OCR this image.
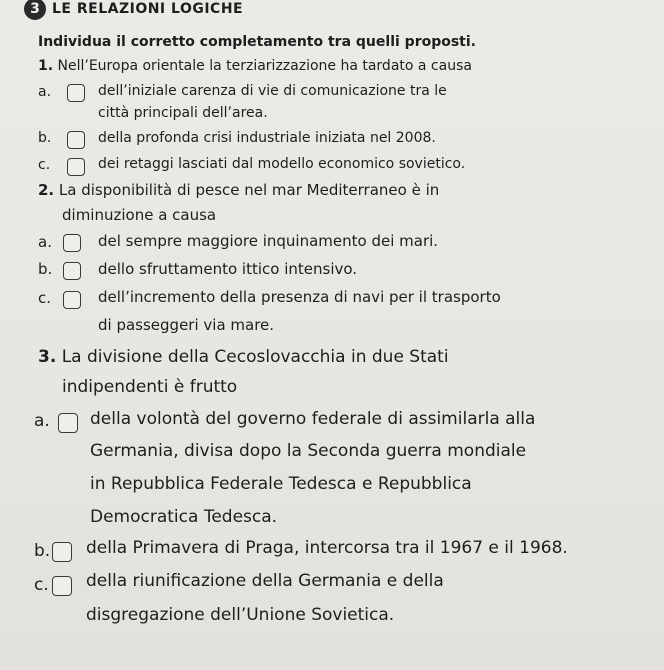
3 LE RELAZIONI LOGICHE
Individua il corretto completamento tra quelli proposti.
1. Nell’Europa orientale la terziarizzazione ha tardato a causa
a.	dell’iniziale carenza di vie di comunicazione tra le
città principali dell’area.
b.	della profonda crisi industriale iniziata nel 2008.
c.	dei retaggi lasciati dal modello economico sovietico.
2. La disponibilità di pesce nel mar Mediterraneo è in
diminuzione a causa
a.	del sempre maggiore inquinamento dei mari.
b.	dello sfruttamento ittico intensivo.
c.	dell’incremento della presenza di navi per il trasporto
di passeggeri via mare.
3. La divisione della Cecoslovacchia in due Stati
indipendenti è frutto
a. della volontà del governo federale di assimilarla alla
Germania, divisa dopo la Seconda guerra mondiale
in Repubblica Federale Tedesca e Repubblica
Democratica Tedesca.
b. della Primavera di Praga, intercorsa tra il 1967 e il 1968.
c. della riunificazione della Germania e della
disgregazione dell’Unione Sovietica.
